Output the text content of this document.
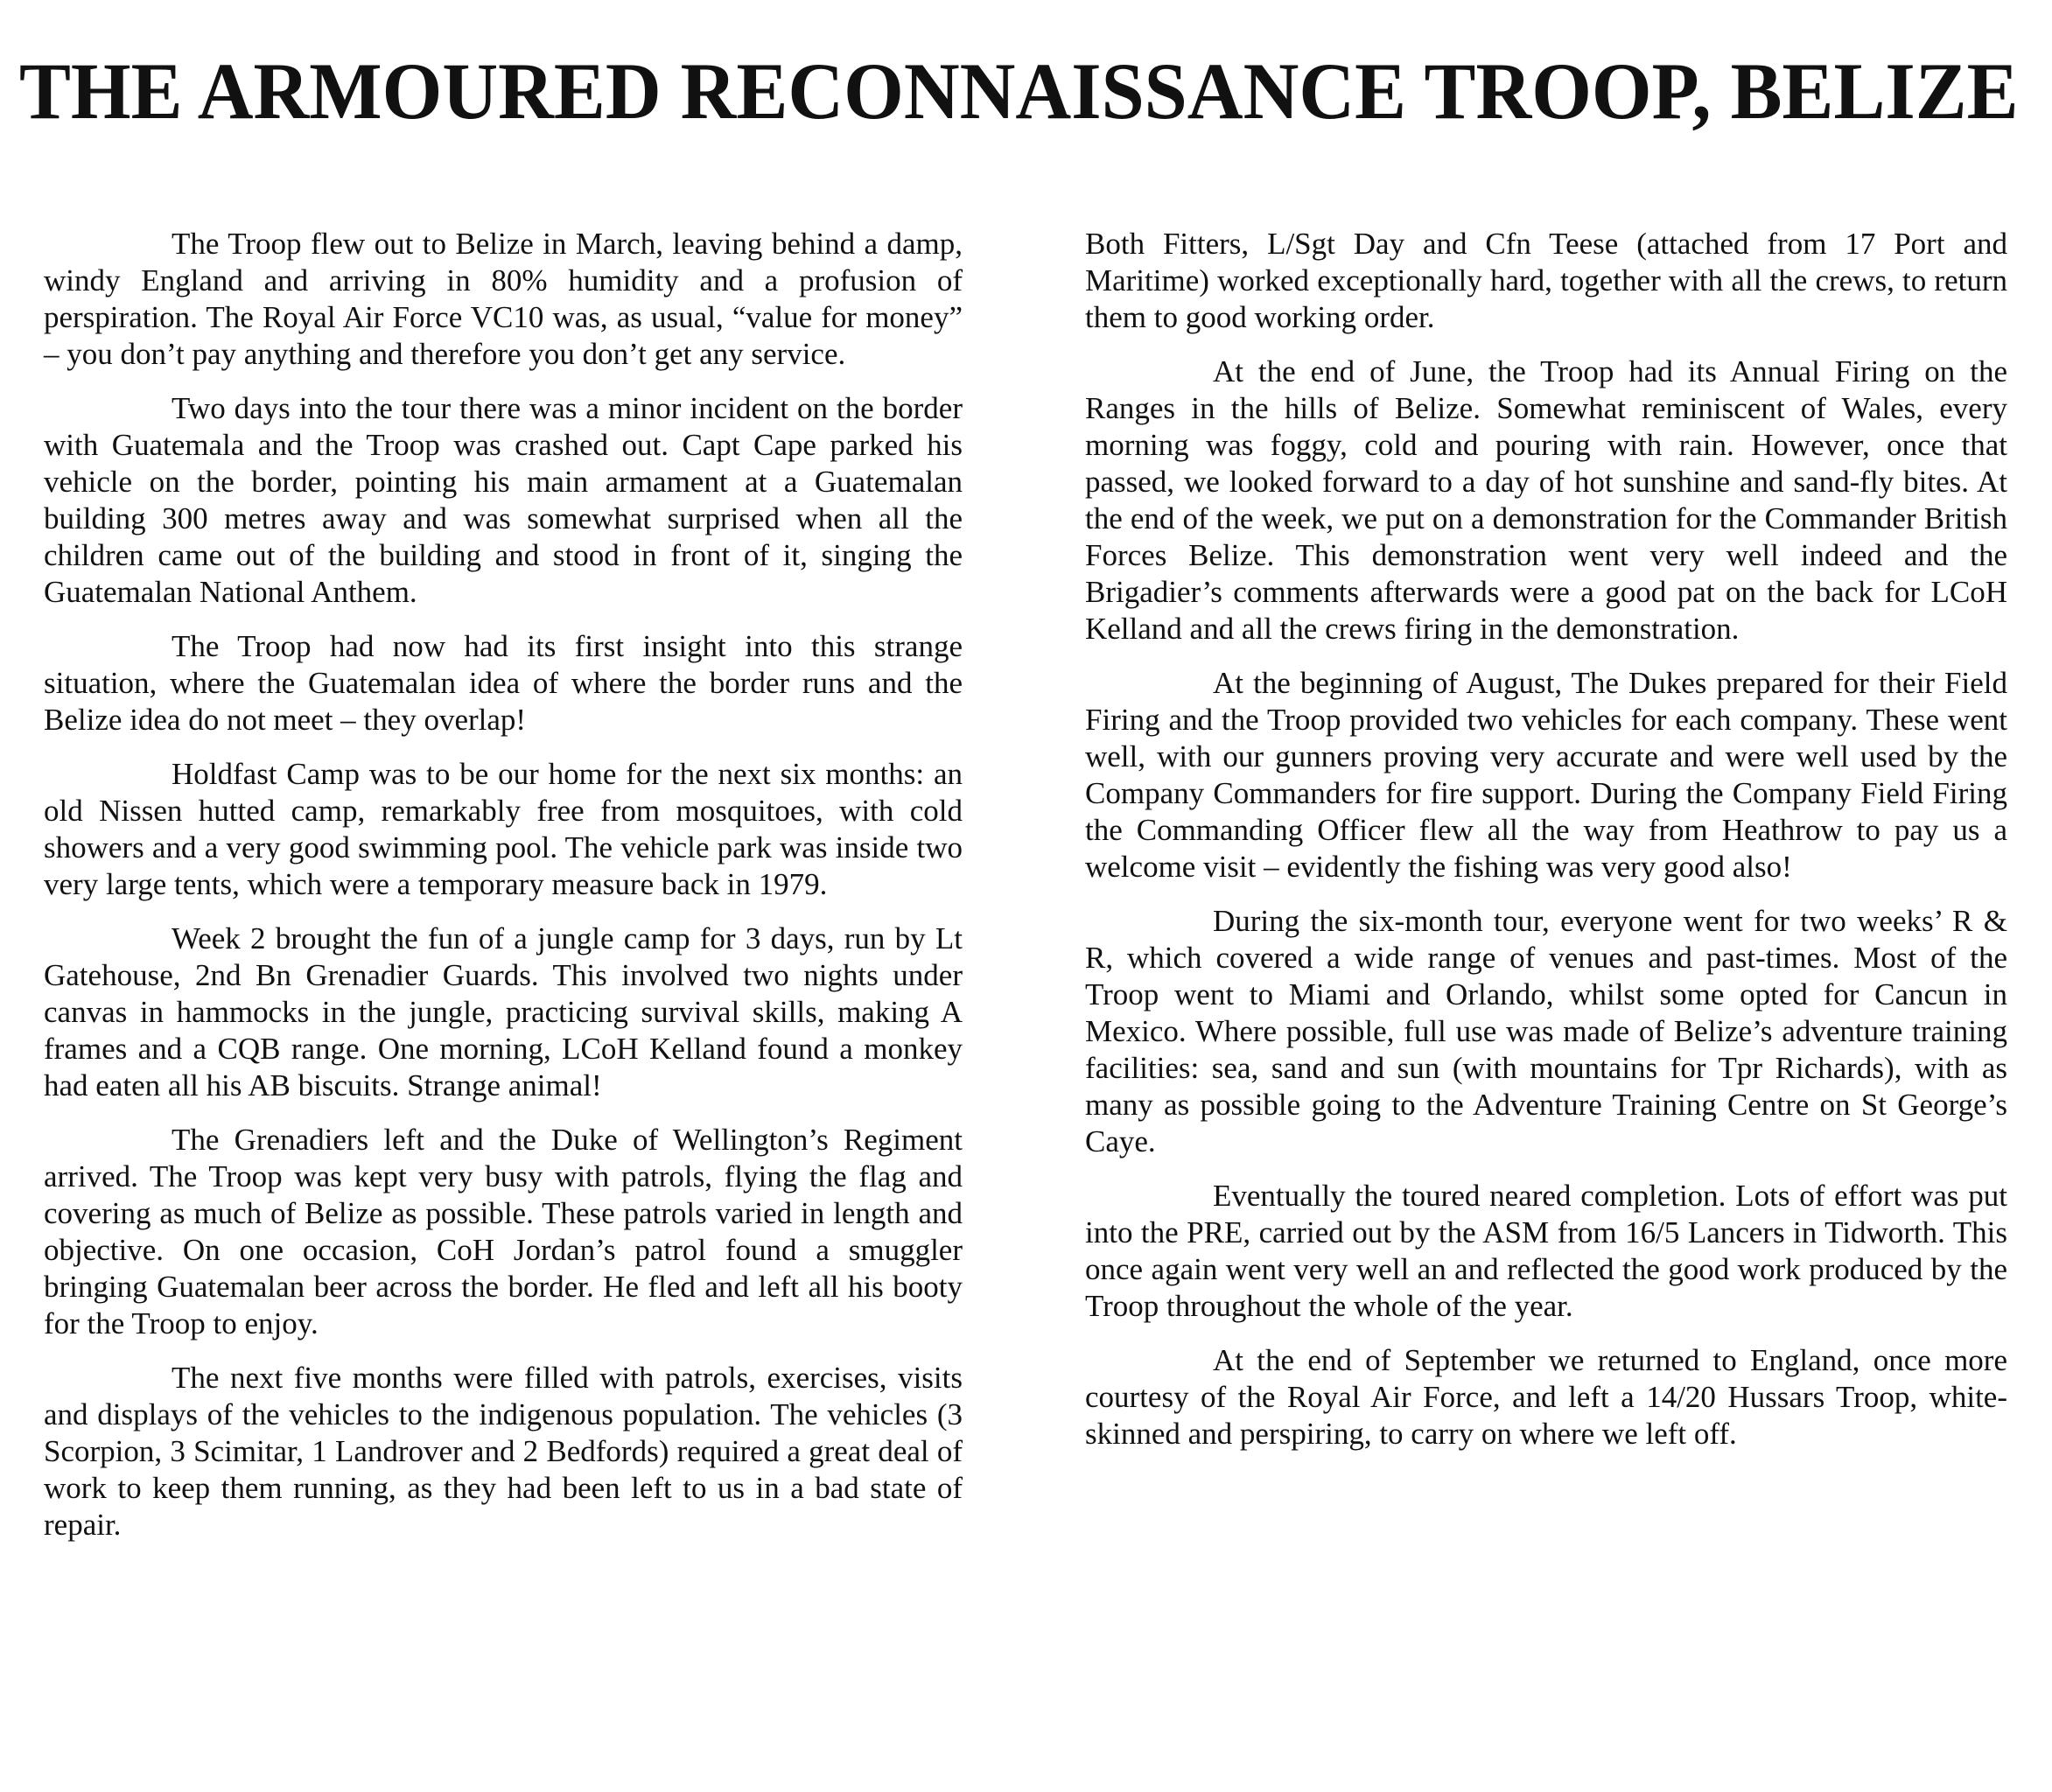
THE ARMOURED RECONNAISSANCE TROOP, BELIZE

The Troop flew out to Belize in March, leaving behind a damp, windy England and arriving in 80% humidity and a profusion of perspiration. The Royal Air Force VC10 was, as usual, “value for money” – you don’t pay anything and therefore you don’t get any service.

Two days into the tour there was a minor incident on the border with Guatemala and the Troop was crashed out. Capt Cape parked his vehicle on the border, pointing his main armament at a Guatemalan building 300 metres away and was somewhat surprised when all the children came out of the building and stood in front of it, singing the Guatemalan National Anthem.

The Troop had now had its first insight into this strange situation, where the Guatemalan idea of where the border runs and the Belize idea do not meet – they overlap!

Holdfast Camp was to be our home for the next six months: an old Nissen hutted camp, remarkably free from mosquitoes, with cold showers and a very good swimming pool. The vehicle park was inside two very large tents, which were a temporary measure back in 1979.

Week 2 brought the fun of a jungle camp for 3 days, run by Lt Gatehouse, 2nd Bn Grenadier Guards. This involved two nights under canvas in hammocks in the jungle, practicing survival skills, making A frames and a CQB range. One morning, LCoH Kelland found a monkey had eaten all his AB biscuits. Strange animal!

The Grenadiers left and the Duke of Wellington’s Regiment arrived. The Troop was kept very busy with patrols, flying the flag and covering as much of Belize as possible. These patrols varied in length and objective. On one occasion, CoH Jordan’s patrol found a smuggler bringing Guatemalan beer across the border. He fled and left all his booty for the Troop to enjoy.

The next five months were filled with patrols, exercises, visits and displays of the vehicles to the indigenous population. The vehicles (3 Scorpion, 3 Scimitar, 1 Landrover and 2 Bedfords) required a great deal of work to keep them running, as they had been left to us in a bad state of repair.

Both Fitters, L/Sgt Day and Cfn Teese (attached from 17 Port and Maritime) worked exceptionally hard, together with all the crews, to return them to good working order.

At the end of June, the Troop had its Annual Firing on the Ranges in the hills of Belize. Somewhat reminiscent of Wales, every morning was foggy, cold and pouring with rain. However, once that passed, we looked forward to a day of hot sunshine and sand-fly bites. At the end of the week, we put on a demonstration for the Commander British Forces Belize. This demonstration went very well indeed and the Brigadier’s comments afterwards were a good pat on the back for LCoH Kelland and all the crews firing in the demonstration.

At the beginning of August, The Dukes prepared for their Field Firing and the Troop provided two vehicles for each company. These went well, with our gunners proving very accurate and were well used by the Company Commanders for fire support. During the Company Field Firing the Commanding Officer flew all the way from Heathrow to pay us a welcome visit – evidently the fishing was very good also!

During the six-month tour, everyone went for two weeks’ R & R, which covered a wide range of venues and past-times. Most of the Troop went to Miami and Orlando, whilst some opted for Cancun in Mexico. Where possible, full use was made of Belize’s adventure training facilities: sea, sand and sun (with mountains for Tpr Richards), with as many as possible going to the Adventure Training Centre on St George’s Caye.

Eventually the toured neared completion. Lots of effort was put into the PRE, carried out by the ASM from 16/5 Lancers in Tidworth. This once again went very well an and reflected the good work produced by the Troop throughout the whole of the year.

At the end of September we returned to England, once more courtesy of the Royal Air Force, and left a 14/20 Hussars Troop, white-skinned and perspiring, to carry on where we left off.
